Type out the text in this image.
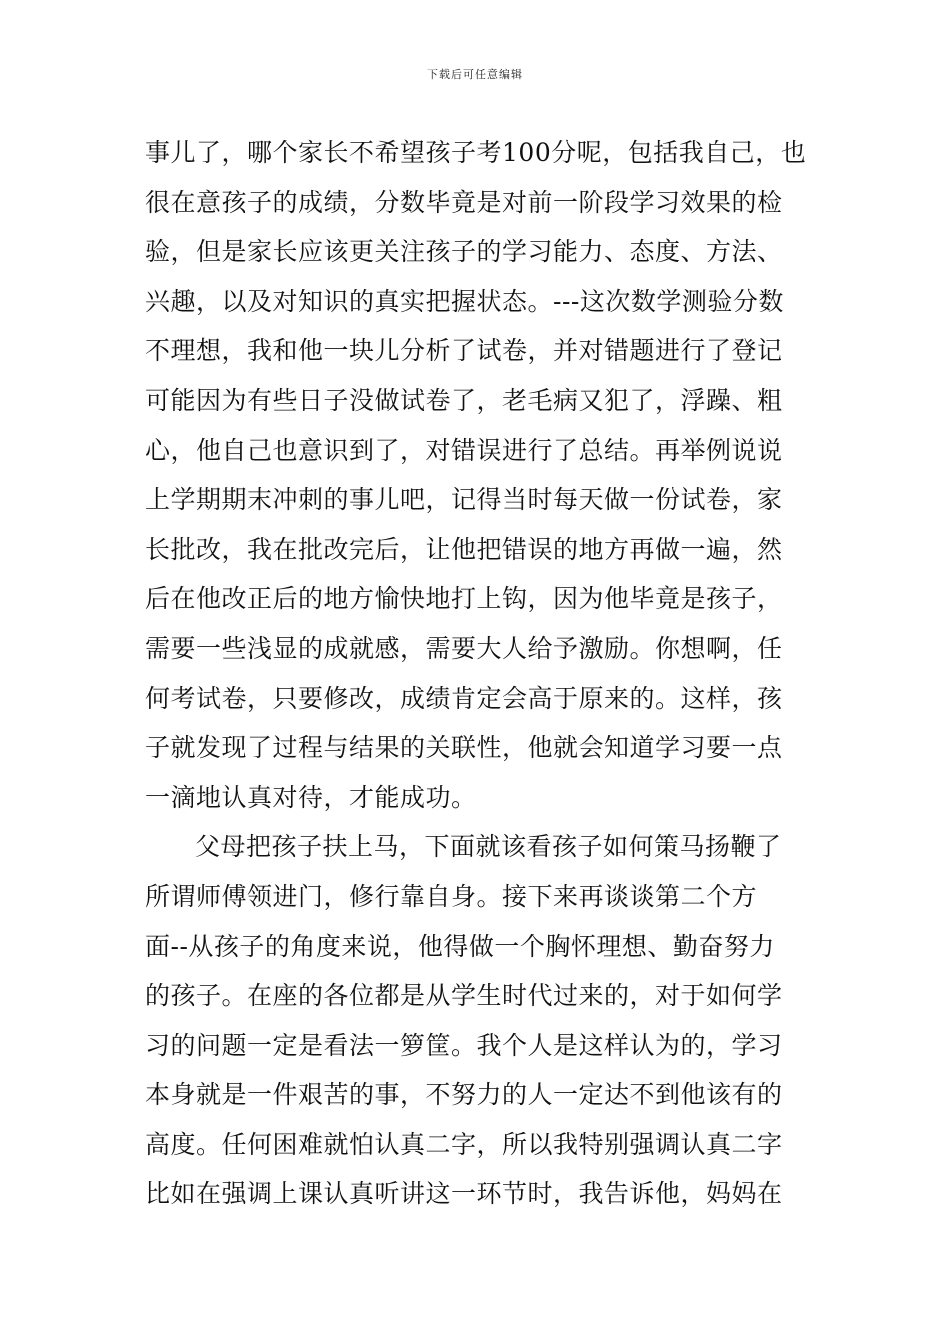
下载后可任意编辑
事儿了，哪个家长不希望孩子考100分呢，包括我自己，也
很在意孩子的成绩，分数毕竟是对前一阶段学习效果的检
验，但是家长应该更关注孩子的学习能力、态度、方法、
兴趣，以及对知识的真实把握状态。---这次数学测验分数
不理想，我和他一块儿分析了试卷，并对错题进行了登记
可能因为有些日子没做试卷了，老毛病又犯了，浮躁、粗
心，他自己也意识到了，对错误进行了总结。再举例说说
上学期期末冲刺的事儿吧，记得当时每天做一份试卷，家
长批改，我在批改完后，让他把错误的地方再做一遍，然
后在他改正后的地方愉快地打上钩，因为他毕竟是孩子，
需要一些浅显的成就感，需要大人给予激励。你想啊，任
何考试卷，只要修改，成绩肯定会高于原来的。这样，孩
子就发现了过程与结果的关联性，他就会知道学习要一点
一滴地认真对待，才能成功。
父母把孩子扶上马，下面就该看孩子如何策马扬鞭了
所谓师傅领进门，修行靠自身。接下来再谈谈第二个方
面--从孩子的角度来说，他得做一个胸怀理想、勤奋努力
的孩子。在座的各位都是从学生时代过来的，对于如何学
习的问题一定是看法一箩筐。我个人是这样认为的，学习
本身就是一件艰苦的事，不努力的人一定达不到他该有的
高度。任何困难就怕认真二字，所以我特别强调认真二字
比如在强调上课认真听讲这一环节时，我告诉他，妈妈在
